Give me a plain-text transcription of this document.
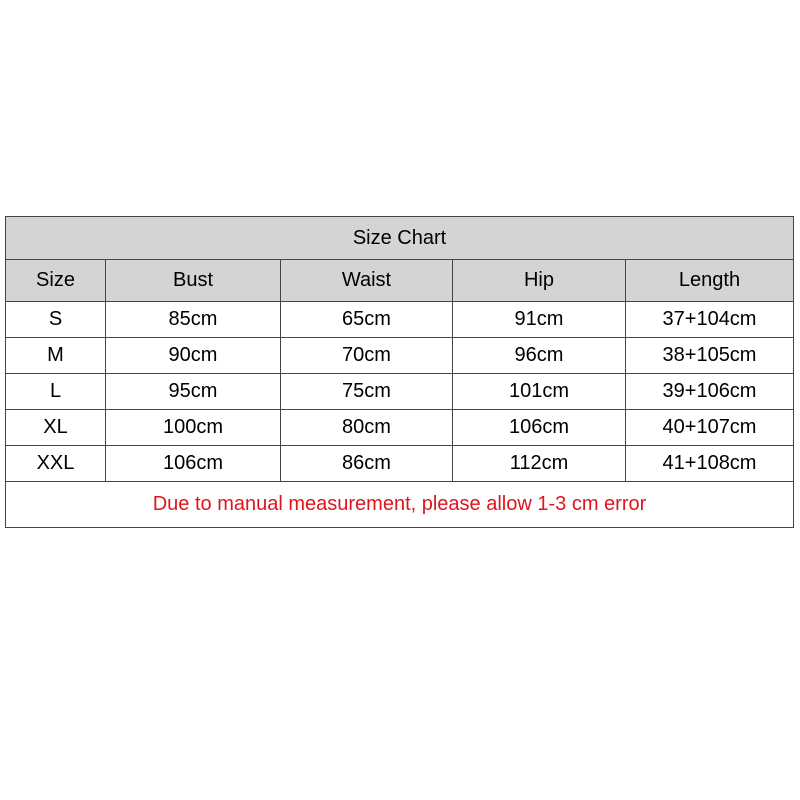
Size Chart				
Size	Bust	Waist	Hip	Length
S	85cm	65cm	91cm	37+104cm
M	90cm	70cm	96cm	38+105cm
L	95cm	75cm	101cm	39+106cm
XL	100cm	80cm	106cm	40+107cm
XXL	106cm	86cm	112cm	41+108cm
Due to manual measurement, please allow 1-3 cm error				
